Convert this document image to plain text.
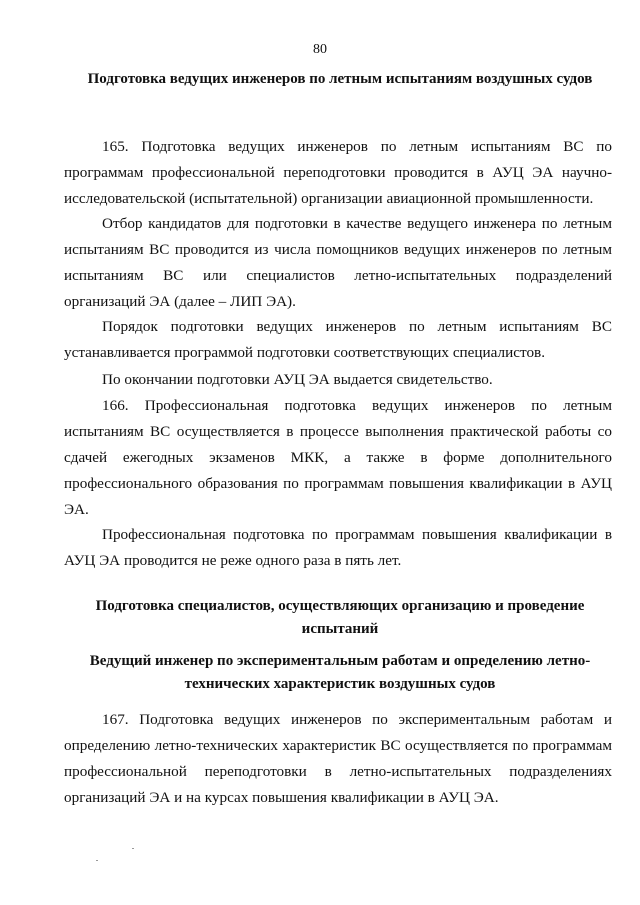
80
Подготовка ведущих инженеров по летным испытаниям воздушных судов
165. Подготовка ведущих инженеров по летным испытаниям ВС по программам профессиональной переподготовки проводится в АУЦ ЭА научно-исследовательской (испытательной) организации авиационной промышленности.
Отбор кандидатов для подготовки в качестве ведущего инженера по летным испытаниям ВС проводится из числа помощников ведущих инженеров по летным испытаниям ВС или специалистов летно-испытательных подразделений организаций ЭА (далее – ЛИП ЭА).
Порядок подготовки ведущих инженеров по летным испытаниям ВС устанавливается программой подготовки соответствующих специалистов.
По окончании подготовки АУЦ ЭА выдается свидетельство.
166. Профессиональная подготовка ведущих инженеров по летным испытаниям ВС осуществляется в процессе выполнения практической работы со сдачей ежегодных экзаменов МКК, а также в форме дополнительного профессионального образования по программам повышения квалификации в АУЦ ЭА.
Профессиональная подготовка по программам повышения квалификации в АУЦ ЭА проводится не реже одного раза в пять лет.
Подготовка специалистов, осуществляющих организацию и проведение испытаний
Ведущий инженер по экспериментальным работам и определению летно-технических характеристик воздушных судов
167. Подготовка ведущих инженеров по экспериментальным работам и определению летно-технических характеристик ВС осуществляется по программам профессиональной переподготовки в летно-испытательных подразделениях организаций ЭА и на курсах повышения квалификации в АУЦ ЭА.
